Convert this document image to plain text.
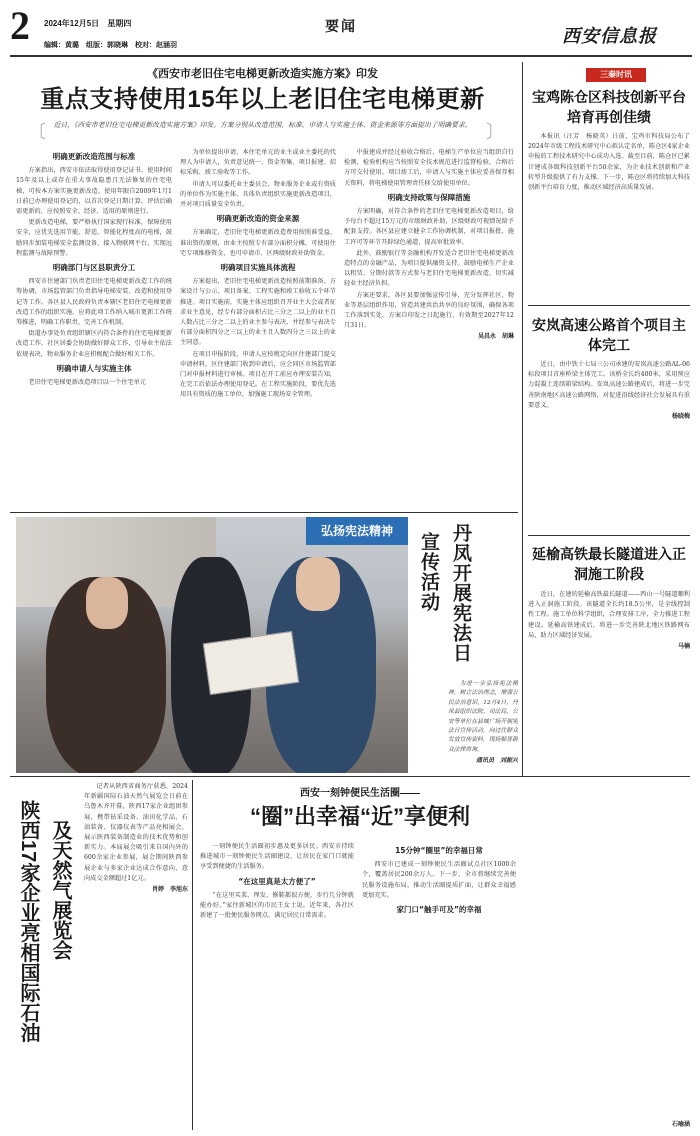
2 2024年12月5日 星期四
编辑：黄璐　组版：郭晓琳　校对：赵涵羽
要闻	西安信息报
《西安市老旧住宅电梯更新改造实施方案》印发
重点支持使用15年以上老旧住宅电梯更新
〔	近日，《西安市老旧住宅电梯更新改造实施方案》印发。方案分别从改造范围、标准、申请人与实施主体、资金来源等方面提出了明确要求。 〕
明确更新改造范围与标准

方案指出，西安市依法取得使用登记证书、使用时间15年及以上或存在重大事故隐患且无法修复的住宅电梯，可按本方案实施更新改造。使用年限自2009年1月1日前已办理使用登记的，以首次登记日期计算。评估后确需更新的，应按照安全、经济、适用的原则进行。

更新改造电梯，要严格执行国家现行标准，保障使用安全，应优先选用节能、舒适、智能化程度高的电梯，鼓励同步加装电梯安全监测设备，接入物联网平台，实现远程监测与故障预警。

明确部门与区县职责分工

西安市住建部门负责老旧住宅电梯更新改造工作的统筹协调，市场监管部门负责指导电梯安装、改造和使用登记等工作。各区县人民政府负责本辖区老旧住宅电梯更新改造工作的组织实施，应将此项工作纳入城市更新工作统筹推进，明确工作职责，完善工作机制。

街道办事处负责组织辖区内符合条件的住宅电梯更新改造工作，社区居委会协助做好群众工作，引导业主依法依规表决，物业服务企业应积极配合做好相关工作。

明确申请人与实施主体

老旧住宅电梯更新改造项目以一个住宅单元

为单位提出申请，本住宅单元的业主或业主委托的代理人为申请人，负责意见统一、资金筹集、项目报建、招标采购、竣工验收等工作。

申请人可以委托业主委员会、物业服务企业或有资质的单位作为实施主体，具体负责组织实施更新改造项目，并对项目质量安全负责。

明确更新改造的资金来源

方案确定，老旧住宅电梯更新改造费用按照谁受益、谁出资的原则，由业主按照专有部分面积分摊，可使用住宅专项维修资金，也可申请市、区两级财政补助资金。

明确项目实施具体流程

方案提出，老旧住宅电梯更新改造按照前期准备、方案设计与公示、项目备案、工程实施和竣工验收五个环节推进。项目实施前，实施主体应组织召开业主大会或者征求业主意见，经专有部分面积占比三分之二以上的业主且人数占比三分之二以上的业主参与表决，并经参与表决专有部分面积四分之三以上的业主且人数四分之三以上的业主同意。

在项目申报阶段，申请人应按规定向区住建部门提交申请材料，区住建部门收到申请后，应会同区市场监管部门对申报材料进行审核。项目在开工前应办理安装告知，在完工后依法办理使用登记。在工程实施阶段，要优先选用具有资质的施工单位，加强施工现场安全管理。

中报建成并经过验收合格后，电梯生产单位应当组织自行检测，检验机构应当按照安全技术规范进行监督检验，合格后方可交付使用。项目竣工后，申请人与实施主体应妥善保存相关资料，将电梯使用管理责任移交给使用单位。

明确支持政策与保障措施

方案明确，对符合条件的老旧住宅电梯更新改造项目，给予每台不超过15万元的市级财政补助，区级财政可视情况给予配套支持。各区县应建立健全工作协调机制，对项目报批、施工许可等环节开辟绿色通道，提高审批效率。

此外，鼓励银行等金融机构开发适合老旧住宅电梯更新改造特点的金融产品，为项目提供融资支持。鼓励电梯生产企业以租赁、分期付款等方式参与老旧住宅电梯更新改造，切实减轻业主经济负担。

方案还要求，各区县要加强宣传引导，充分发挥社区、物业等基层组织作用，营造共建共治共享的良好氛围，确保各项工作落到实处。方案自印发之日起施行，有效期至2027年12月31日。

吴昌永　胡琳
弘扬宪法精神	丹凤开展宪法日
宣传活动

为进一步弘扬宪法精神，树立法治理念，增强公民法治意识，12月4日，丹凤县组织法院、司法局、公安等单位在县城广场开展宪法日宣传活动，向过往群众发放宣传资料，现场解答群众法律咨询。

通讯员　刘振兴
陕西17家企业亮相国际石油 及天然气展览会

记者从陕西省商务厅获悉，2024年新疆国际石油天然气展览会日前在乌鲁木齐开幕，陕西17家企业组团参展，携带钻采设备、油田化学品、石油装备、仪器仪表等产品亮相展会，展示陕西装备制造业的技术优势和创新实力。本届展会吸引来自国内外的600余家企业参展，展会期间陕西参展企业与多家企业达成合作意向，意向成交金额超过1亿元。

肖婷　李旭东
西安一刻钟便民生活圈——
“圈”出幸福“近”享便利

一刻钟便民生活圈初步惠及更多居民。西安市持续推进城市一刻钟便民生活圈建设，让居民在家门口就能享受到便捷的生活服务。

“在这里真是太方便了”

“在这里买菜、理发、修鞋都很方便，步行几分钟就能办好。”家住新城区的市民王女士说。近年来，各社区新建了一批便民服务网点，满足居民日常需求。

15分钟“圈里”的幸福日常

西安市已建成一刻钟便民生活圈试点社区1000余个，覆盖居民200余万人。下一步，全市将继续完善便民服务设施布局，推动生活圈提质扩面，让群众幸福感更加充实。

家门口“触手可及”的幸福
石喻涵
三秦时讯
宝鸡陈仓区科技创新平台培育再创佳绩

本报讯（汪芳　杨晓英）日前，宝鸡市科技局公布了2024年市级工程技术研究中心拟认定名单，陈仓区4家企业申报的工程技术研究中心成功入选。截至目前，陈仓区已累计建成各级科技创新平台50余家，为企业技术创新和产业转型升级提供了有力支撑。下一步，陈仓区将持续加大科技创新平台培育力度，推动区域经济高质量发展。

安岚高速公路首个项目主体完工

近日，由中铁十七局三公司承建的安岚高速公路AL-06标段项目首座桥梁主体完工。该桥全长约400米，采用预应力混凝土连续箱梁结构。安岚高速公路建成后，将进一步完善陕南地区高速公路网络，对促进沿线经济社会发展具有重要意义。

杨晓梅
延榆高铁最长隧道进入正洞施工阶段

近日，在建的延榆高铁最长隧道——西山一号隧道顺利进入正洞施工阶段。该隧道全长约18.5公里，是全线控制性工程。施工单位科学组织，合理安排工序，全力推进工程建设。延榆高铁建成后，将进一步完善陕北地区铁路网布局，助力区域经济发展。

马楠
